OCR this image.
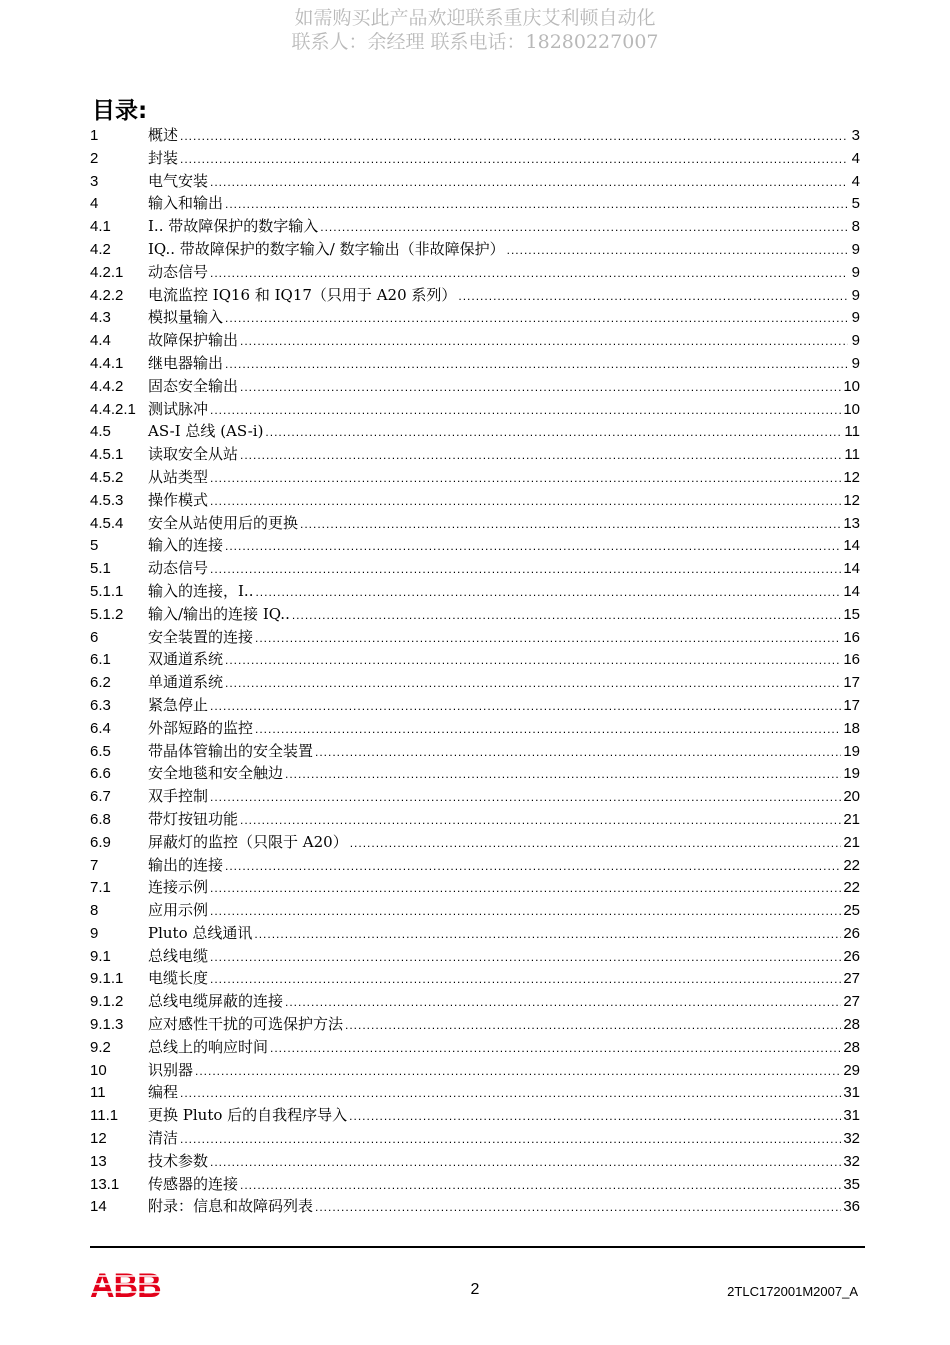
如需购买此产品欢迎联系重庆艾利顿自动化
联系人：余经理 联系电话：18280227007
目录:
1	概述 .....	3
2	封装 .....	4
3	电气安装 .....	4
4	输入和输出 .....	5
4.1	I.. 带故障保护的数字输入 .....	8
4.2	IQ.. 带故障保护的数字输入/ 数字输出（非故障保护） .....	9
4.2.1	动态信号 .....	9
4.2.2	电流监控 IQ16 和 IQ17（只用于 A20 系列） .....	9
4.3	模拟量输入 .....	9
4.4	故障保护输出 .....	9
4.4.1	继电器输出 .....	9
4.4.2	固态安全输出 .....	10
4.4.2.1 测试脉冲 .....	10
4.5	AS-I 总线 (AS-i) .....	11
4.5.1	读取安全从站 .....	11
4.5.2	从站类型 .....	12
4.5.3	操作模式 .....	12
4.5.4	安全从站使用后的更换 .....	13
5	输入的连接 .....	14
5.1	动态信号 .....	14
5.1.1	输入的连接，I.. .....	14
5.1.2	输入/输出的连接 IQ.. .....	15
6	安全装置的连接 .....	16
6.1	双通道系统 .....	16
6.2	单通道系统 .....	17
6.3	紧急停止 .....	17
6.4	外部短路的监控 .....	18
6.5	带晶体管输出的安全装置 .....	19
6.6	安全地毯和安全触边 .....	19
6.7	双手控制 .....	20
6.8	带灯按钮功能 .....	21
6.9	屏蔽灯的监控（只限于 A20） .....	21
7	输出的连接 .....	22
7.1	连接示例 .....	22
8	应用示例 .....	25
9	Pluto 总线通讯 .....	26
9.1	总线电缆 .....	26
9.1.1	电缆长度 .....	27
9.1.2	总线电缆屏蔽的连接 .....	27
9.1.3	应对感性干扰的可选保护方法 .....	28
9.2	总线上的响应时间 .....	28
10	识别器 .....	29
11	编程 .....	31
11.1	更换 Pluto 后的自我程序导入 .....	31
12	清洁 .....	32
13	技术参数 .....	32
13.1	传感器的连接 .....	35
14	附录：信息和故障码列表 .....	36
ABB	2	2TLC172001M2007_A
